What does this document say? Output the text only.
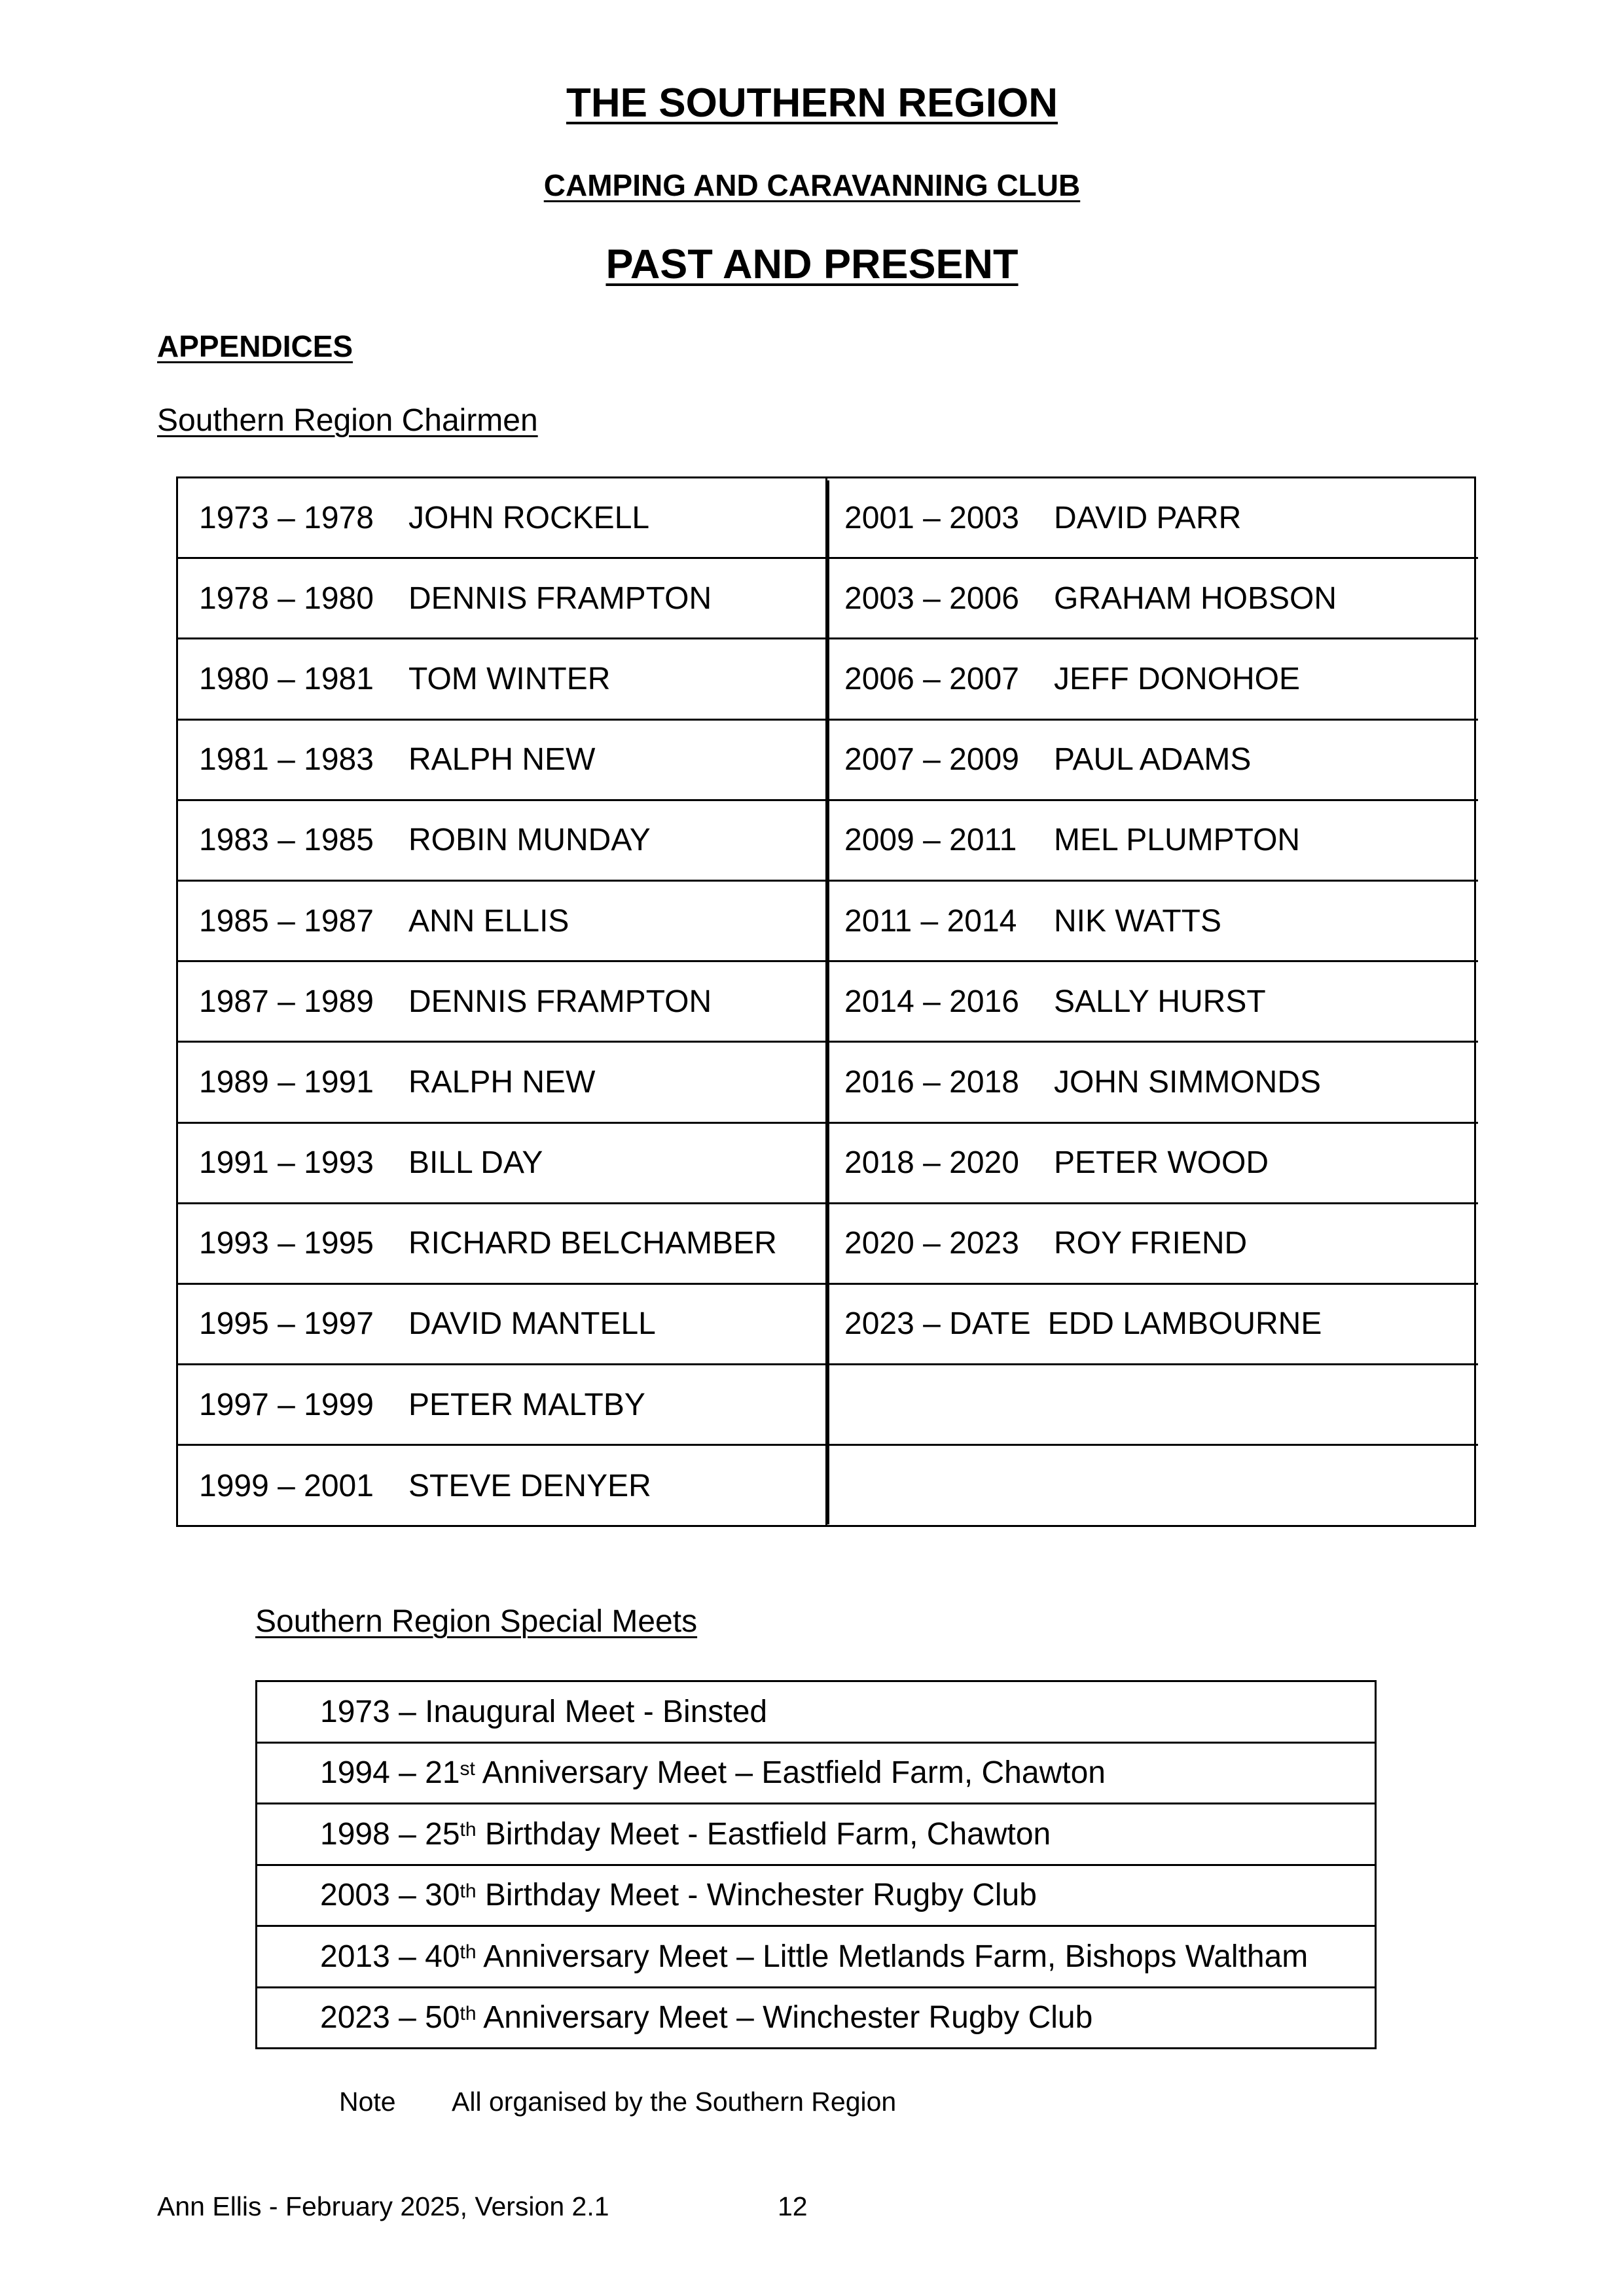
THE SOUTHERN REGION
CAMPING AND CARAVANNING CLUB
PAST AND PRESENT
APPENDICES
Southern Region Chairmen
1973 – 1978	JOHN ROCKELL
1978 – 1980	DENNIS FRAMPTON
1980 – 1981	TOM WINTER
1981 – 1983	RALPH NEW
1983 – 1985	ROBIN MUNDAY
1985 – 1987	ANN ELLIS
1987 – 1989	DENNIS FRAMPTON
1989 – 1991	RALPH NEW
1991 – 1993	BILL DAY
1993 – 1995	RICHARD BELCHAMBER
1995 – 1997	DAVID MANTELL
1997 – 1999	PETER MALTBY
1999 – 2001	STEVE DENYER
2001 – 2003	DAVID PARR
2003 – 2006	GRAHAM HOBSON
2006 – 2007	JEFF DONOHOE
2007 – 2009	PAUL ADAMS
2009 – 2011	MEL PLUMPTON
2011 – 2014	NIK WATTS
2014 – 2016	SALLY HURST
2016 – 2018	JOHN SIMMONDS
2018 – 2020	PETER WOOD
2020 – 2023	ROY FRIEND
2023 – DATE EDD LAMBOURNE
Southern Region Special Meets
1973 – Inaugural Meet - Binsted
1994 – 21st Anniversary Meet – Eastfield Farm, Chawton
1998 – 25th Birthday Meet - Eastfield Farm, Chawton
2003 – 30th Birthday Meet - Winchester Rugby Club
2013 – 40th Anniversary Meet – Little Metlands Farm, Bishops Waltham
2023 – 50th Anniversary Meet – Winchester Rugby Club
Note All organised by the Southern Region
Ann Ellis - February 2025, Version 2.1	12
